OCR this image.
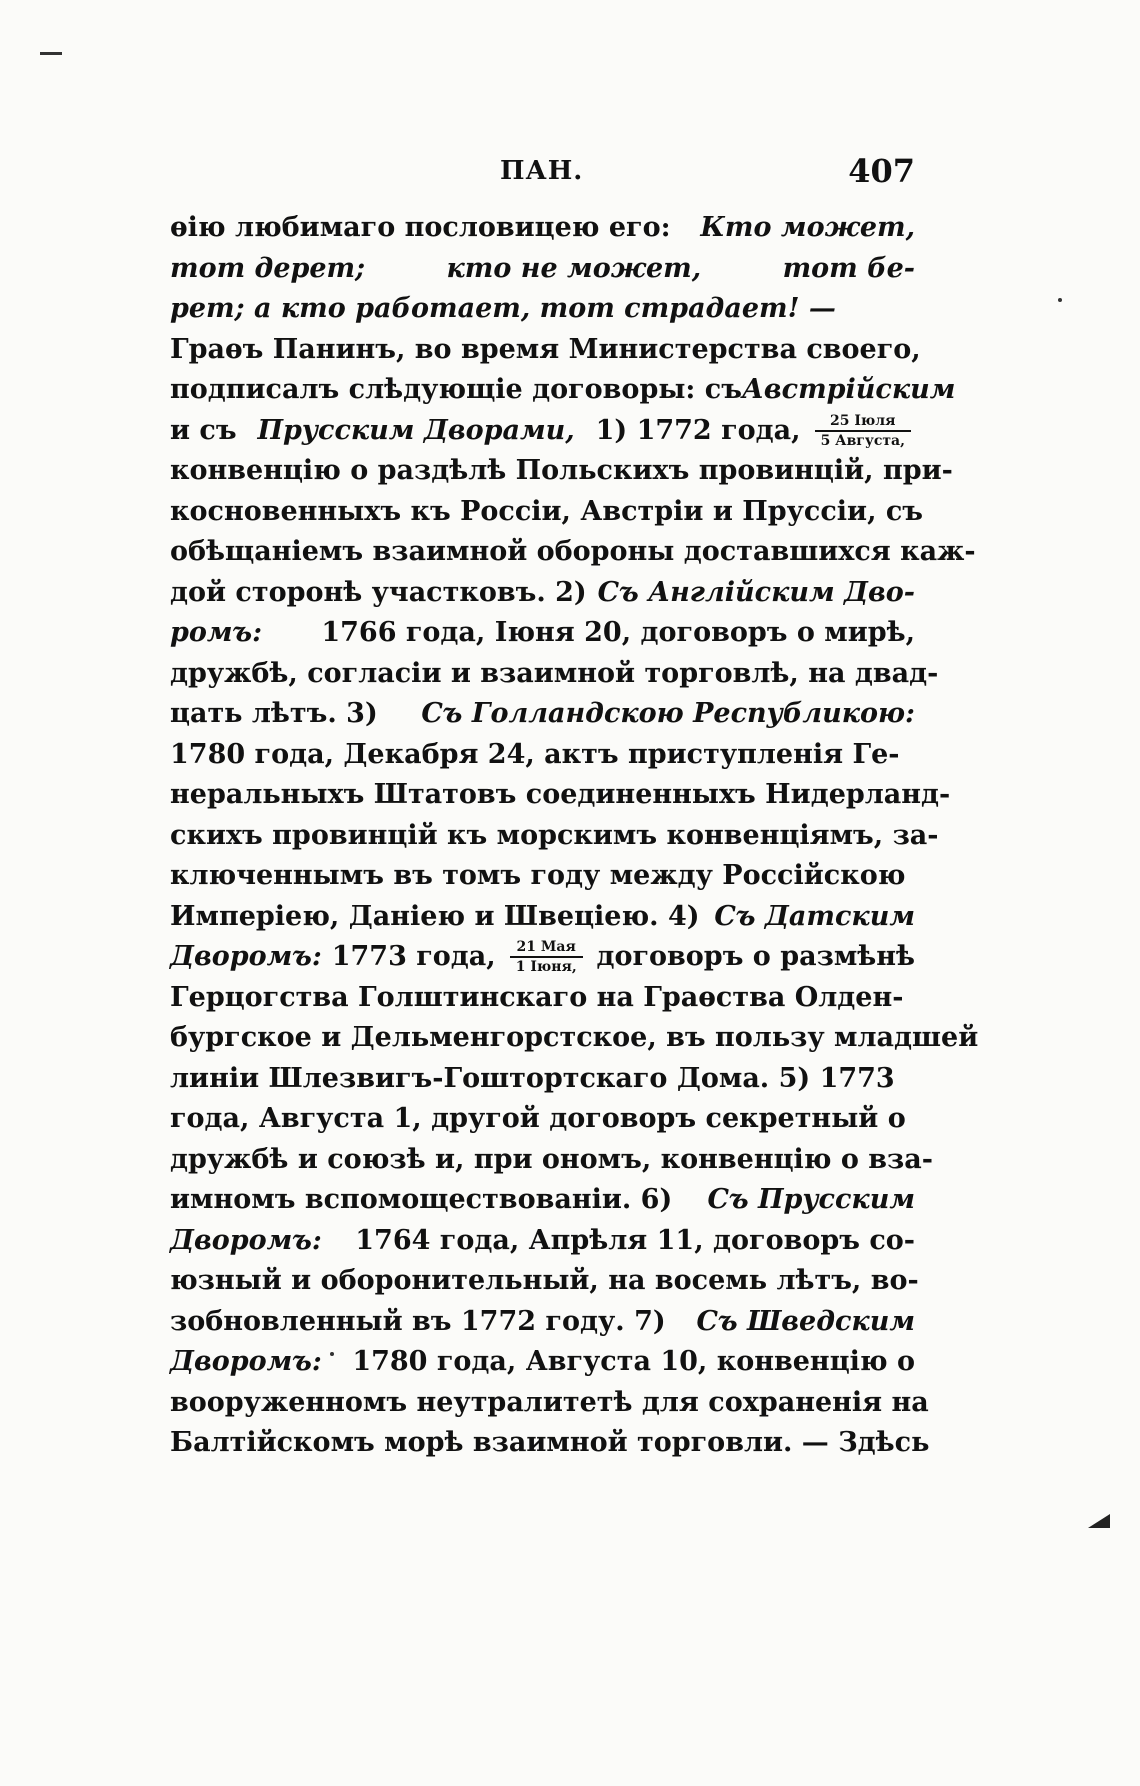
ПАН.	407
ѳію любимаго пословицею его: Кто может,
тот дерет;	кто не может,	тот бе-
рет; а кто работает, тот страдает! —
Граѳъ Панинъ, во время Министерства своего,
подписалъ слѣдующіе договоры: съ Австрійским
и съ Прусским Дворами, 1) 1772 года, $\frac{\text{25 Іюля}}{\text{5 Августа,}}$
конвенцію о раздѣлѣ Польскихъ провинцій, при-
косновенныхъ къ Россіи, Австріи и Пруссіи, съ
обѣщаніемъ взаимной обороны доставшихся каж-
дой сторонѣ участковъ. 2) Съ Англійским Дво-
ромъ: 1766 года, Іюня 20, договоръ о мирѣ,
дружбѣ, согласіи и взаимной торговлѣ, на двад-
цать лѣтъ. 3) Съ Голландскою Республикою:
1780 года, Декабря 24, актъ приступленія Ге-
неральныхъ Штатовъ соединенныхъ Нидерланд-
скихъ провинцій къ морскимъ конвенціямъ, за-
ключеннымъ въ томъ году между Россійскою
Имперіею, Даніею и Швеціею. 4) Съ Датским
Дворомъ: 1773 года, $\frac{\text{21 Мая}}{\text{1 Іюня,}}$ договоръ о размѣнѣ
Герцогства Голштинскаго на Граѳства Олден-
бургское и Дельменгорстское, въ пользу младшей
линіи Шлезвигъ-Гоштортскаго Дома. 5) 1773
года, Августа 1, другой договоръ секретный о
дружбѣ и союзѣ и, при ономъ, конвенцію о вза-
имномъ вспомоществованіи. 6) Съ Прусским
Дворомъ: 1764 года, Апрѣля 11, договоръ со-
юзный и оборонительный, на восемь лѣтъ, во-
зобновленный въ 1772 году. 7) Съ Шведским
Дворомъ: 1780 года, Августа 10, конвенцію о
вооруженномъ неутралитетѣ для сохраненія на
Балтійскомъ морѣ взаимной торговли. — Здѣсь
